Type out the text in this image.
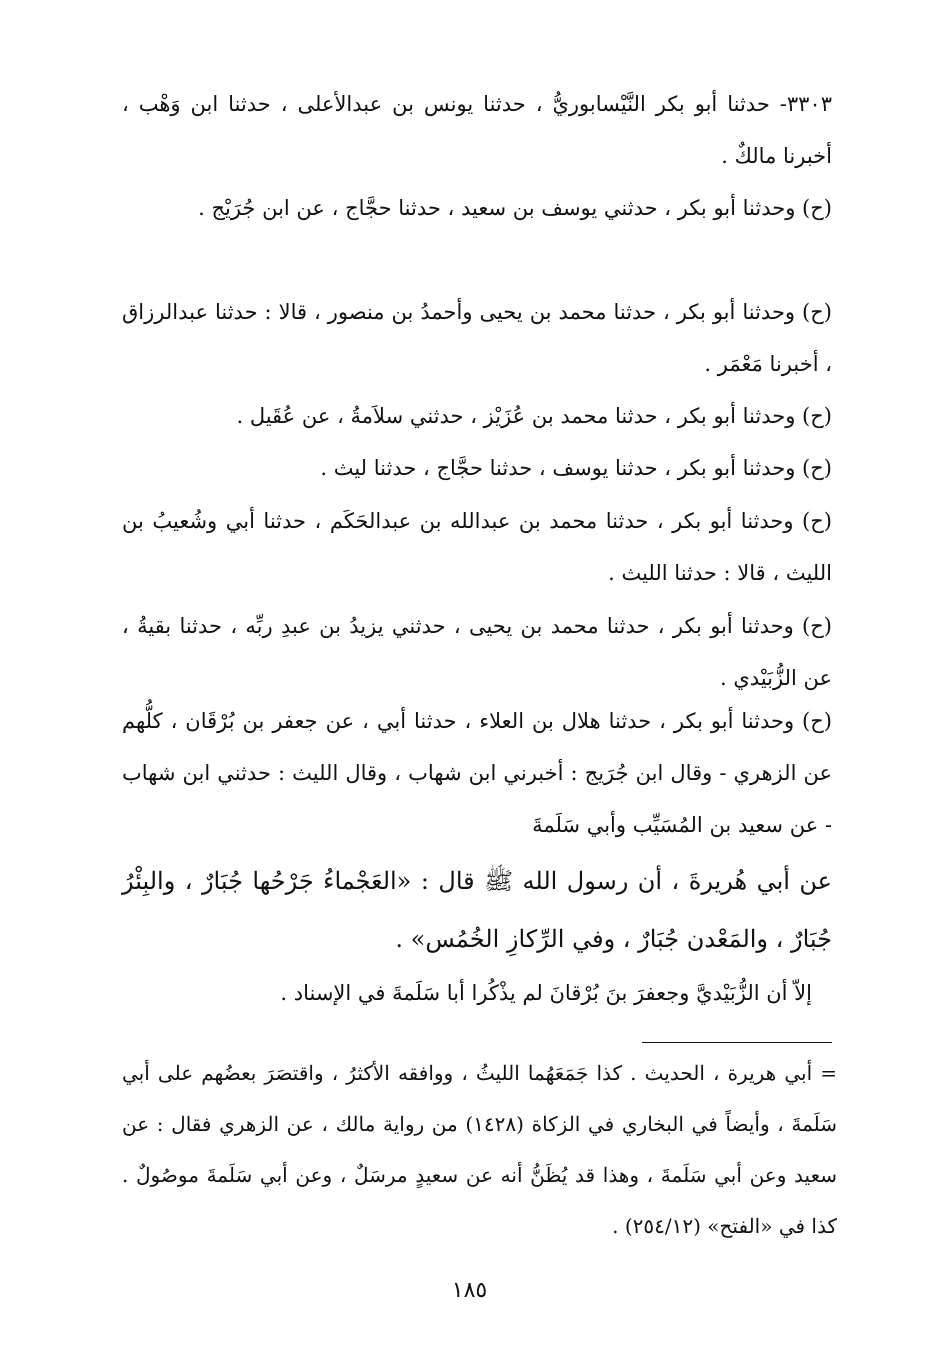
٣٣٠٣- حدثنا أبو بكر النَّيْسابوريُّ ، حدثنا يونس بن عبدالأعلى ، حدثنا ابن وَهْب ، أخبرنا مالكٌ .

(ح) وحدثنا أبو بكر ، حدثني يوسف بن سعيد ، حدثنا حجَّاج ، عن ابن جُرَيْج .

(ح) وحدثنا أبو بكر ، حدثنا محمد بن يحيى وأحمدُ بن منصور ، قالا : حدثنا عبدالرزاق ، أخبرنا مَعْمَر .

(ح) وحدثنا أبو بكر ، حدثنا محمد بن عُزَيْز ، حدثني سلاَمةُ ، عن عُقَيل .

(ح) وحدثنا أبو بكر ، حدثنا يوسف ، حدثنا حجَّاج ، حدثنا ليث .

(ح) وحدثنا أبو بكر ، حدثنا محمد بن عبدالله بن عبدالحَكَم ، حدثنا أبي وشُعيبُ بن الليث ، قالا : حدثنا الليث .

(ح) وحدثنا أبو بكر ، حدثنا محمد بن يحيى ، حدثني يزيدُ بن عبدِ ربِّه ، حدثنا بقيةُ ، عن الزُّبَيْدي .

(ح) وحدثنا أبو بكر ، حدثنا هلال بن العلاء ، حدثنا أبي ، عن جعفر بن بُرْقَان ، كلُّهم عن الزهري - وقال ابن جُرَيج : أخبرني ابن شهاب ، وقال الليث : حدثني ابن شهاب - عن سعيد بن المُسَيِّب وأبي سَلَمةَ

عن أبي هُريرةَ ، أن رسول الله ﷺ قال : «العَجْماءُ جَرْحُها جُبَارٌ ، والبِئْرُ جُبَارٌ ، والمَعْدن جُبَارٌ ، وفي الرِّكازِ الخُمُس» .

إلاّ أن الزُّبَيْديَّ وجعفرَ بنَ بُرْقانَ لم يذْكُرا أبا سَلَمةَ في الإسناد .

= أبي هريرة ، الحديث . كذا جَمَعَهُما الليثُ ، ووافقه الأكثرُ ، واقتصَرَ بعضُهم على أبي سَلَمةَ ، وأيضاً في البخاري في الزكاة (١٤٢٨) من رواية مالك ، عن الزهري فقال : عن سعيد وعن أبي سَلَمةَ ، وهذا قد يُظَنُّ أنه عن سعيدٍ مرسَلٌ ، وعن أبي سَلَمةَ موصُولٌ . كذا في «الفتح» (٢٥٤/١٢) .

١٨٥
